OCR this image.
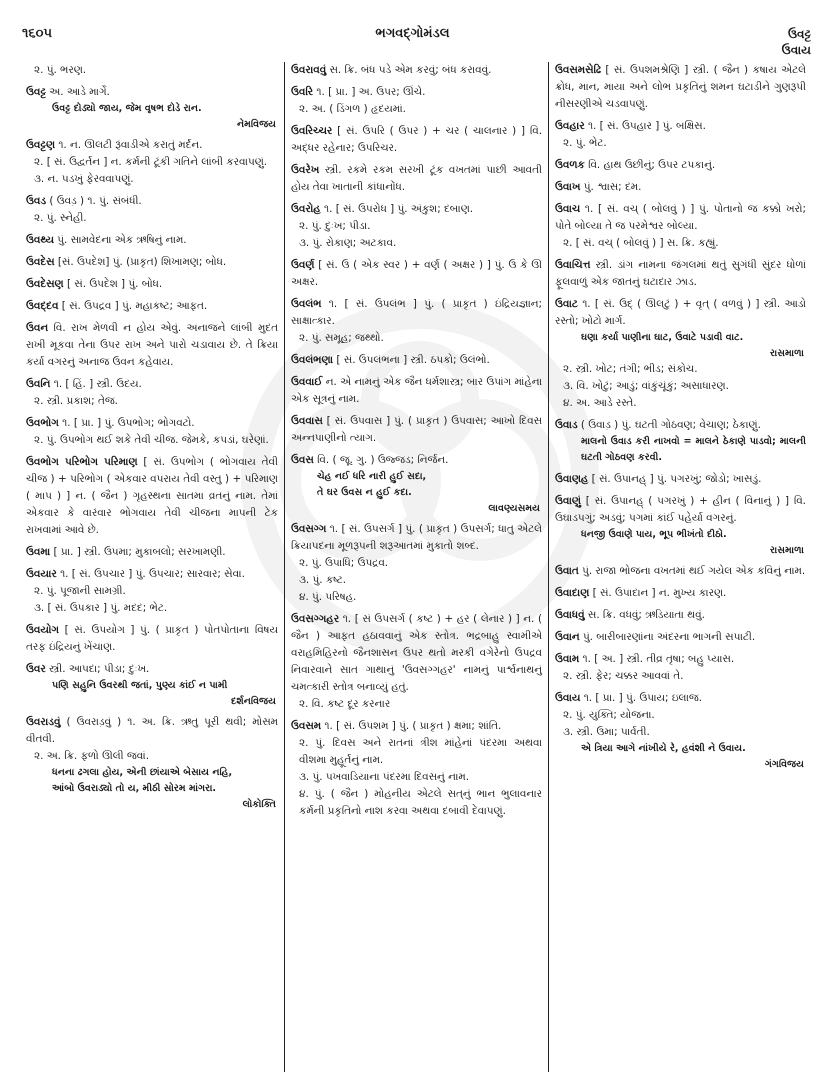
૧૬૦૫	ભગવદ્ગોમંડલ	ઉવટ્ટ
ઉવાય
૨. પું. ભરણ.
ઉવટ્ટ અ. આડે માર્ગે.
ઉવટ્ટ દોડ્યો જાય, જેમ વૃષભ દોડે રાન.
નેમવિજય
ઉવટ્ટણ ૧. ન. ઊલટી રૂંવાડીએ કરાતું મર્દન.
૨. [ સં. ઉદ્વર્તન ] ન. કર્મની ટૂંકી ગતિને લાંબી કરવાપણું.
૩. ન. પડખું ફેરવવાપણું.
ઉવડ ( ઉવડ઼ ) ૧. પું. સંબંધી.
૨. પું. સ્નેહી.
ઉવથ્ય પું. સામવેદના એક ઋષિનું નામ.
ઉવદેસ [સં. ઉપદેશ] પું. (પ્રાકૃત) શિખામણ; બોધ.
ઉવદેસણ [ સં. ઉપદેશ ] પું. બોધ.
ઉવદ્દવ [ સં. ઉપદ્રવ ] પું. મહાકષ્ટ; આફત.
ઉવન વિ. રાખ મેળવી ન હોય એવું. અનાજને લાંબી મુદત રાખી મૂકવા તેના ઉપર રાખ અને પારો ચડાવાય છે. તે ક્રિયા કર્યા વગરનું અનાજ ઉવન કહેવાય.
ઉવનિ ૧. [ હિં. ] સ્ત્રી. ઉદય.
૨. સ્ત્રી. પ્રકાશ; તેજ.
ઉવભોગ ૧. [ પ્રા. ] પું. ઉપભોગ; ભોગવટો.
૨. પું. ઉપભોગ થઈ શકે તેવી ચીજ. જેમકે, કપડાં, ઘરેણાં.
ઉવભોગ પરિભોગ પરિમાણ [ સં. ઉપભોગ ( ભોગવાય તેવી ચીજ ) + પરિભોગ ( એકવાર વપરાય તેવી વસ્તુ ) + પરિમાણ ( માપ ) ] ન. ( જૈન ) ગૃહસ્થના સાતમા વ્રતનું નામ. તેમાં એકવાર કે વારંવાર ભોગવાય તેવી ચીજના માપની ટેક રાખવામાં આવે છે.
ઉવમા [ પ્રા. ] સ્ત્રી. ઉપમા; મુકાબલો; સરખામણી.
ઉવયાર ૧. [ સં. ઉપચાર ] પું. ઉપચાર; સારવાર; સેવા.
૨. પું. પૂજાની સામગ્રી.
૩. [ સં. ઉપકાર ] પું. મદદ; ભેટ.
ઉવયોગ [ સં. ઉપયોગ ] પું. ( પ્રાકૃત ) પોતપોતાના વિષય તરફ ઇંદ્રિયનું ખેંચાણ.
ઉવર સ્ત્રી. આપદા; પીડા; દુઃખ.
પણિ સહુનિ ઉવરથી જતાં, પુણ્ય કાંઈ ન પામી
દર્શનવિજય
ઉવરાડવું ( ઉવરાડ઼વું ) ૧. અ. ક્રિ. ઋતુ પૂરી થવી; મોસમ વીતવી.
૨. અ. ક્રિ. ફળો ઊલી જવાં.
ધનના ઢગલા હોય, એની છાંયાએ બેસાય નહિ,
આંબો ઉવરાડ્યો તો ય, મીઠી સોરમ માંગરા.
લોકોક્તિ
ઉવરાવવું સ. ક્રિ. બંધ પડે એમ કરવું; બંધ કરાવવું.
ઉવરિ ૧. [ પ્રા. ] અ. ઉપર; ઊંચે.
૨. અ. ( ડિંગળ ) હૃદયમાં.
ઉવરિચ્ચર [ સં. ઉપરિ ( ઉપર ) + ચર ( ચાલનાર ) ] વિ. અદ્ધર રહેનાર; ઉપરિચર.
ઉવરેખ સ્ત્રી. રકમે રકમ સરખી ટૂંક વખતમાં પાછી આવતી હોય તેવા ખાતાની કાંધાનોંધ.
ઉવરોહ ૧. [ સં. ઉપરોધ ] પું. અંકુશ; દબાણ.
૨. પું. દુઃખ; પીડા.
૩. પું. રોકાણ; અટકાવ.
ઉવર્ણ [ સં. ઉ ( એક સ્વર ) + વર્ણ ( અક્ષર ) ] પું. ઉ કે ઊ અક્ષર.
ઉવલંભ ૧. [ સં. ઉપલંભ ] પું. ( પ્રાકૃત ) ઇંદ્રિયજ્ઞાન; સાક્ષાત્કાર.
૨. પું. સમૂહ; જથ્થો.
ઉવલંભણા [ સં. ઉપલંભના ] સ્ત્રી. ઠપકો; ઉલંભો.
ઉવવાઈ ન. એ નામનું એક જૈન ધર્મશાસ્ત્ર; બાર ઉપાંગ માંહેના એક સૂત્રનું નામ.
ઉવવાસ [ સં. ઉપવાસ ] પું. ( પ્રાકૃત ) ઉપવાસ; આખો દિવસ અન્નપાણીનો ત્યાગ.
ઉવસ વિ. ( જૂ. ગુ. ) ઉજ્જડ; નિર્જન.
ચેહ નઈ ધરિ નારી હુઈ સદા,
તે ઘર ઉવસ ન હુઈ કદા.
લાવણ્યસમય
ઉવસગ્ગ ૧. [ સં. ઉપસર્ગ ] પું. ( પ્રાકૃત ) ઉપસર્ગ; ધાતુ એટલે ક્રિયાપદના મૂળરૂપની શરૂઆતમાં મુકાતો શબ્દ.
૨. પું. ઉપાધિ; ઉપદ્રવ.
૩. પું. કષ્ટ.
૪. પું. પરિષહ.
ઉવસગ્ગહર ૧. [ સં ઉપસર્ગ ( કષ્ટ ) + હર ( લેનાર ) ] ન. ( જૈન ) આફત હઠાવવાનું એક સ્તોત્ર. ભદ્રબાહુ સ્વામીએ વરાહમિહિરનો જૈનશાસન ઉપર થતો મરકી વગેરેનો ઉપદ્રવ નિવારવાને સાત ગાથાનું 'ઉવસગ્ગહર' નામનું પાર્શ્વનાથનું ચમત્કારી સ્તોત્ર બનાવ્યું હતું.
૨. વિ. કષ્ટ દૂર કરનાર
ઉવસમ ૧. [ સં. ઉપશમ ] પું. ( પ્રાકૃત ) ક્ષમા; શાંતિ.
૨. પું. દિવસ અને રાતનાં ત્રીશ માંહેનાં પંદરમા અથવા વીશમા મુહૂર્તનું નામ.
૩. પું. પખવાડિયાના પંદરમા દિવસનું નામ.
૪. પું. ( જૈન ) મોહનીય એટલે સત્‌નું ભાન ભુલાવનાર કર્મની પ્રકૃતિનો નાશ કરવા અથવા દબાવી દેવાપણું.
ઉવસમસેઢિ [ સં. ઉપશમશ્રેણિ ] સ્ત્રી. ( જૈન ) કષાય એટલે ક્રોધ, માન, માયા અને લોભ પ્રકૃતિનું શમન ઘટાડીને ગુણરૂપી નીસરણીએ ચડવાપણું.
ઉવહાર ૧. [ સં. ઉપહાર ] પું. બક્ષિસ.
૨. પું. ભેટ.
ઉવળક વિ. હાથ ઉછીનું; ઉપર ટપકાનું.
ઉવાખ પું. શ્વાસ; દમ.
ઉવાચ ૧. [ સં. વચ્ ( બોલવું ) ] પું. પોતાનો જ કક્કો ખરો; પોતે બોલ્યા તે જ પરમેશ્વર બોલ્યા.
૨. [ સં. વચ્ ( બોલવું ) ] સ. ક્રિ. કહ્યું.
ઉવાચિત્ત સ્ત્રી. ડાંગ નામના જંગલમાં થતું સુગંધી સુંદર ધોળાં ફૂલવાળું એક જાતનું ઘટાદાર ઝાડ.
ઉવાટ ૧. [ સં. ઉદ્ ( ઊલટું ) + વૃત્ ( વળવું ) ] સ્ત્રી. આડો રસ્તો; ખોટો માર્ગ.
ઘણા કર્યા પાણીના ઘાટ, ઉવાટે પડાવી વાટ.
રાસમાળા
૨. સ્ત્રી. ખોટ; તંગી; ભીડ; સંકોચ.
૩. વિ. ખોટું; આડું; વાંકુંચૂંકું; અસાધારણ.
૪. અ. આડે રસ્તે.
ઉવાડ ( ઉવાડ઼ ) પું. ઘટતી ગોઠવણ; વેચાણ; ઠેકાણું.
માલનો ઉવાડ કરી નાખવો = માલને ઠેકાણે પાડવો; માલની ઘટતી ગોઠવણ કરવી.
ઉવાણહ [ સં. ઉપાનહ્ ] પું. પગરખું; જોડો; ખાસડું.
ઉવાણું [ સં. ઉપાનહ્ ( પગરખું ) + હીન ( વિનાનું ) ] વિ. ઉઘાડપગું; અડવું; પગમાં કાંઈ પહેર્યા વગરનું.
ધનજી ઉવાણે પાય, ભૂપ ભીખંતો દીઠો.
રાસમાળા
ઉવાત પું. રાજા ભોજના વખતમાં થઈ ગયેલ એક કવિનું નામ.
ઉવાદાણ [ સં. ઉપાદાન ] ન. મુખ્ય કારણ.
ઉવાધવું સ. ક્રિ. વધવું; ઋડિયાતા થવું.
ઉવાન પું. બારીબારણાંના અંદરના ભાગની સપાટી.
ઉવામ ૧. [ અ. ] સ્ત્રી. તીવ્ર તૃષા; બહુ પ્યાસ.
૨. સ્ત્રી. ફેર; ચક્કર આવવાં તે.
ઉવાય ૧. [ પ્રા. ] પું. ઉપાય; ઇલાજ.
૨. પું. યુક્તિ; યોજના.
૩. સ્ત્રી. ઉમા; પાર્વતી.
એ ત્રિયા આગે નાંખીયે રે, હવંશી ને ઉવાય.
ગંગવિજય
